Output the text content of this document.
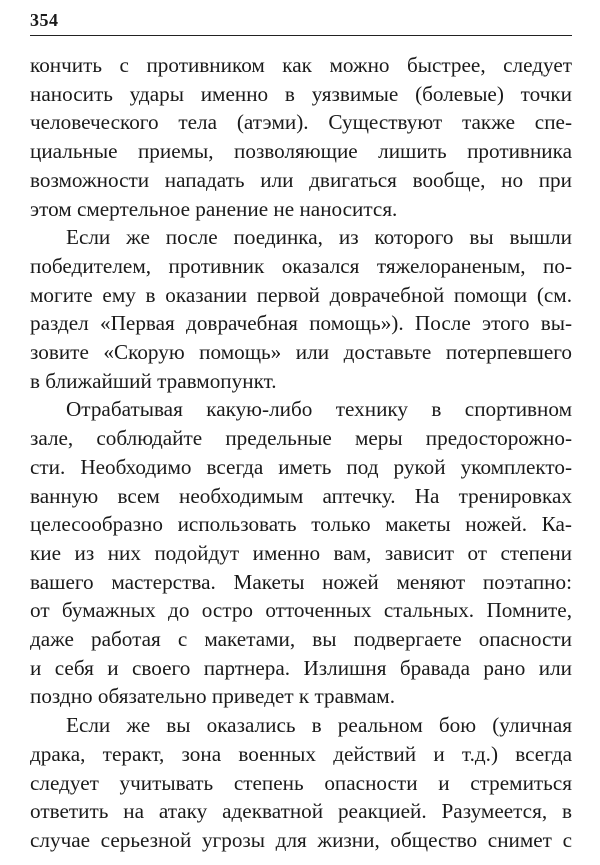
354

кончить с противником как можно быстрее, следует
наносить удары именно в уязвимые (болевые) точки
человеческого тела (атэми). Существуют также спе-
циальные приемы, позволяющие лишить противника
возможности нападать или двигаться вообще, но при
этом смертельное ранение не наносится.

Если же после поединка, из которого вы вышли
победителем, противник оказался тяжелораненым, по-
могите ему в оказании первой доврачебной помощи (см.
раздел «Первая доврачебная помощь»). После этого вы-
зовите «Скорую помощь» или доставьте потерпевшего
в ближайший травмопункт.

Отрабатывая какую-либо технику в спортивном
зале, соблюдайте предельные меры предосторожно-
сти. Необходимо всегда иметь под рукой укомплекто-
ванную всем необходимым аптечку. На тренировках
целесообразно использовать только макеты ножей. Ка-
кие из них подойдут именно вам, зависит от степени
вашего мастерства. Макеты ножей меняют поэтапно:
от бумажных до остро отточенных стальных. Помните,
даже работая с макетами, вы подвергаете опасности
и себя и своего партнера. Излишня бравада рано или
поздно обязательно приведет к травмам.

Если же вы оказались в реальном бою (уличная
драка, теракт, зона военных действий и т.д.) всегда
следует учитывать степень опасности и стремиться
ответить на атаку адекватной реакцией. Разумеется, в
случае серьезной угрозы для жизни, общество снимет с
